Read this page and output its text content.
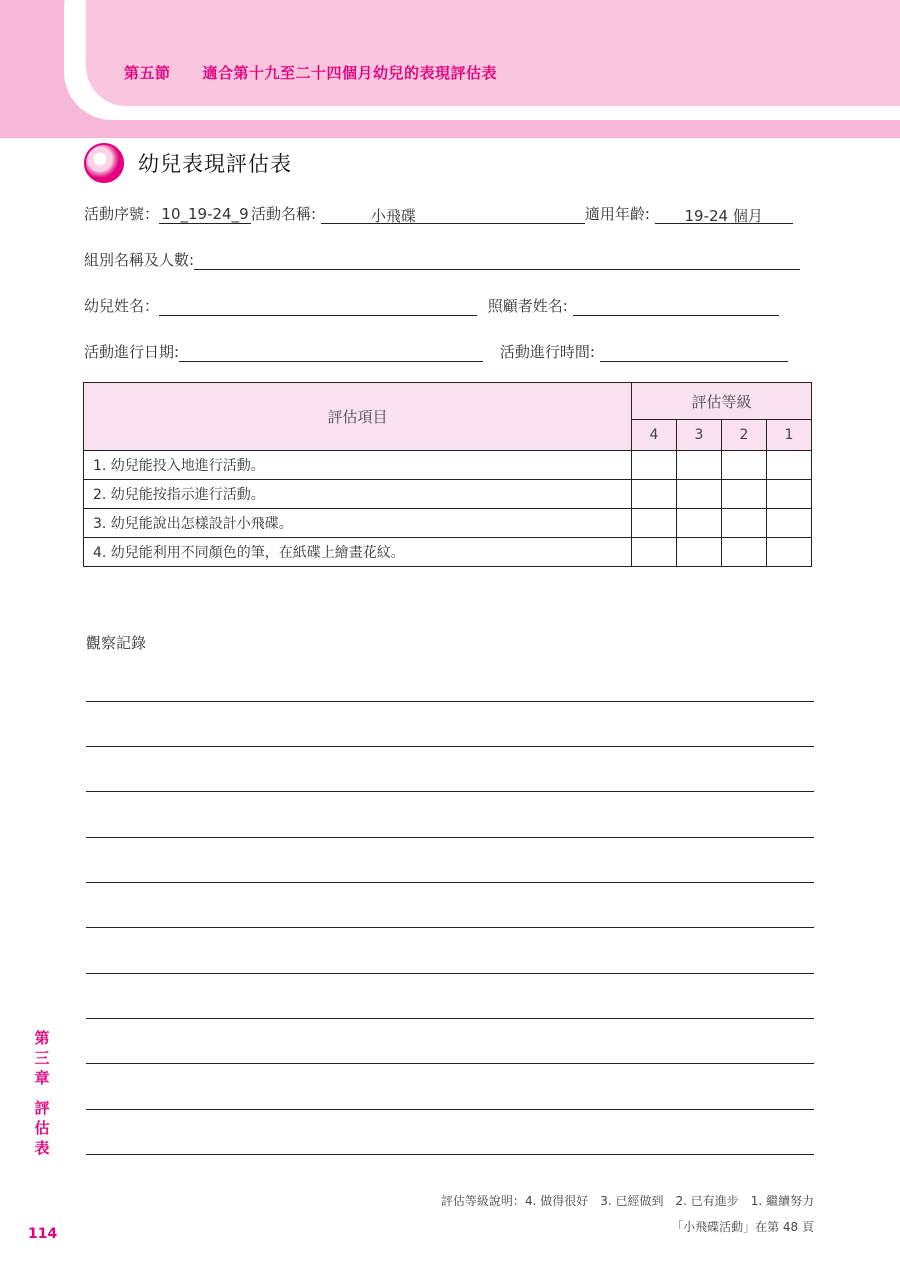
第五節 適合第十九至二十四個月幼兒的表現評估表
幼兒表現評估表
活動序號： 10_19-24_9 活動名稱:	小飛碟	適用年齡: 19-24 個月
組別名稱及人數:
幼兒姓名：	照顧者姓名:
活動進行日期:	活動進行時間:
評估項目	評估等級			
	4	3	2	1
1. 幼兒能投入地進行活動。				
2. 幼兒能按指示進行活動。				
3. 幼兒能說出怎樣設計小飛碟。				
4. 幼兒能利用不同顏色的筆，在紙碟上繪畫花紋。				
觀察記錄
第三章
評估表
評估等級說明：4. 做得很好 3. 已經做到 2. 已有進步 1. 繼續努力
「小飛碟活動」在第 48 頁
114
